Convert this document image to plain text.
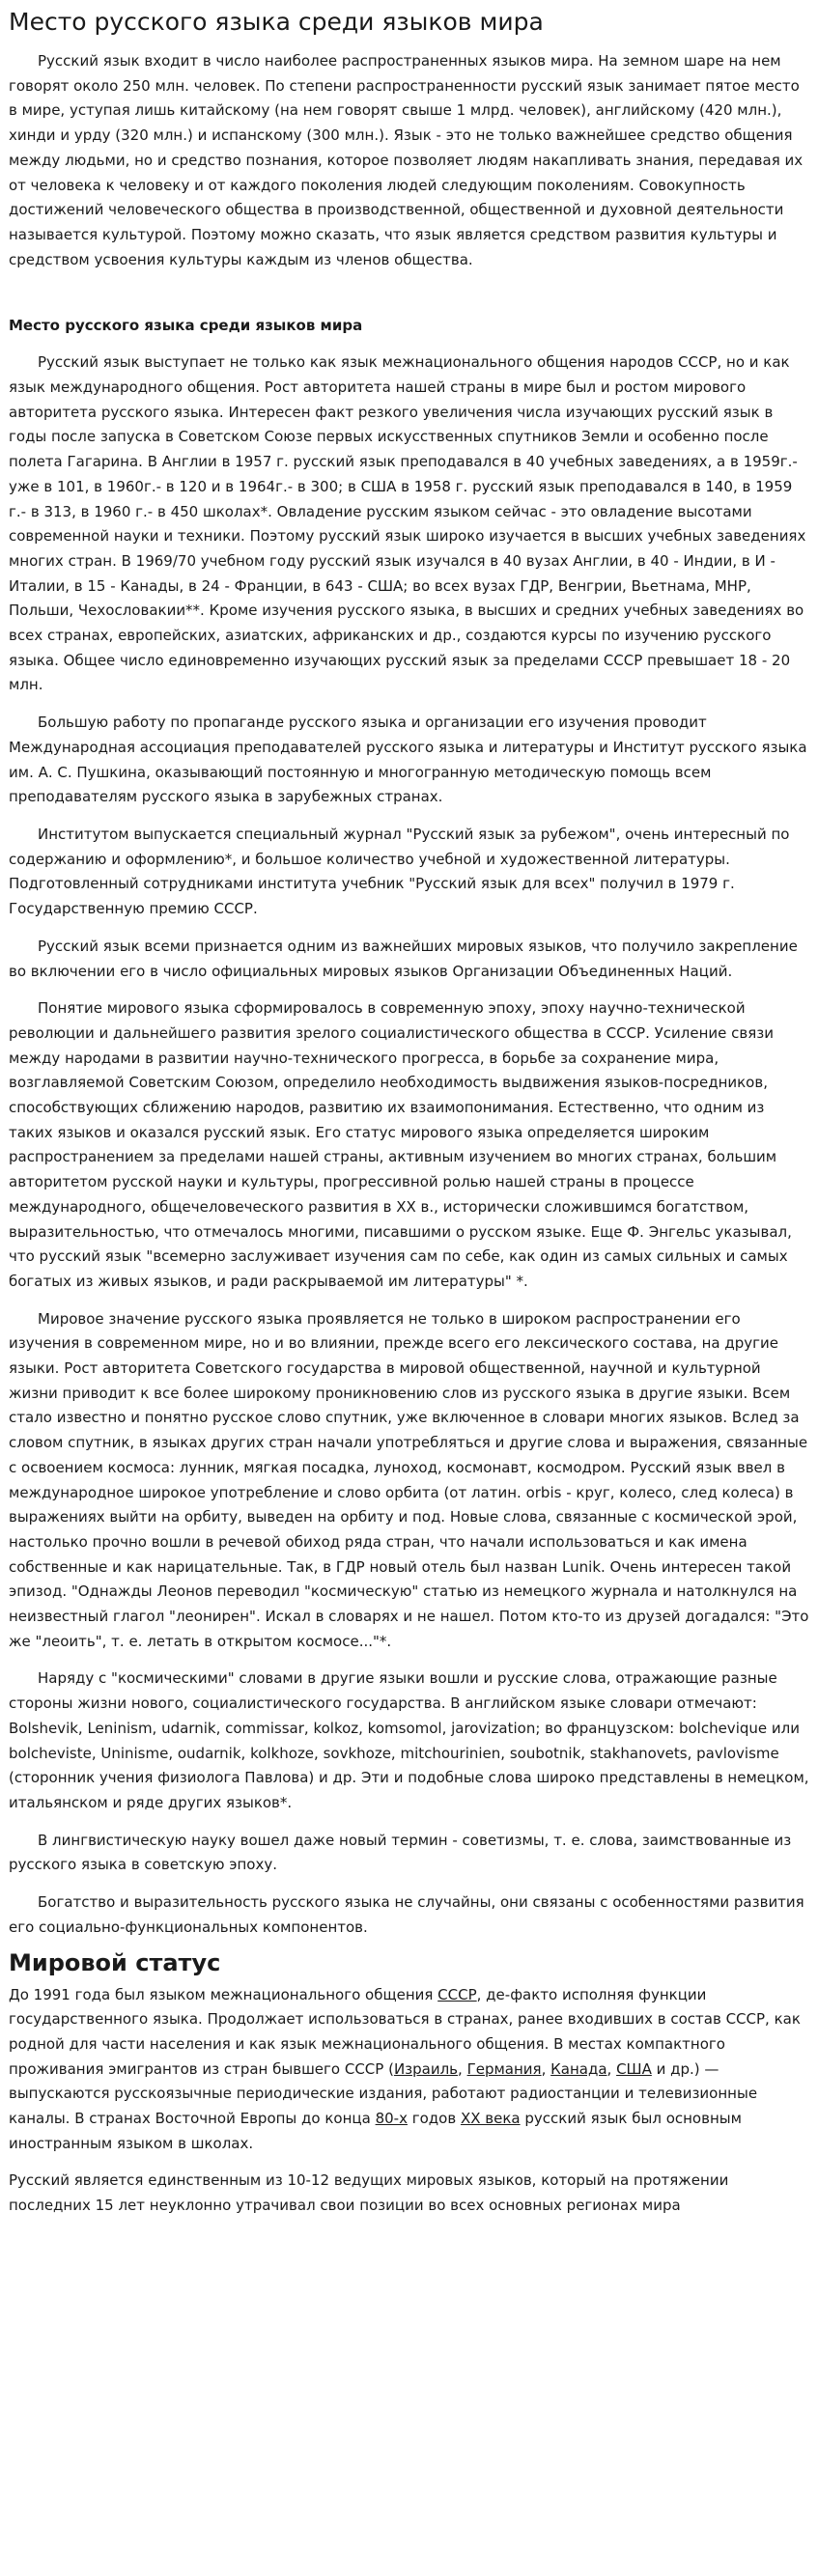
Место русского языка среди языков мира

Русский язык входит в число наиболее распространенных языков мира. На земном шаре на нем говорят около 250 млн. человек. По степени распространенности русский язык занимает пятое место в мире, уступая лишь китайскому (на нем говорят свыше 1 млрд. человек), английскому (420 млн.), хинди и урду (320 млн.) и испанскому (300 млн.). Язык - это не только важнейшее средство общения между людьми, но и средство познания, которое позволяет людям накапливать знания, передавая их от человека к человеку и от каждого поколения людей следующим поколениям. Совокупность достижений человеческого общества в производственной, общественной и духовной деятельности называется культурой. Поэтому можно сказать, что язык является средством развития культуры и средством усвоения культуры каждым из членов общества.

Место русского языка среди языков мира

Русский язык выступает не только как язык межнационального общения народов СССР, но и как язык международного общения. Рост авторитета нашей страны в мире был и ростом мирового авторитета русского языка. Интересен факт резкого увеличения числа изучающих русский язык в годы после запуска в Советском Союзе первых искусственных спутников Земли и особенно после полета Гагарина. В Англии в 1957 г. русский язык преподавался в 40 учебных заведениях, а в 1959г.- уже в 101, в 1960г.- в 120 и в 1964г.- в 300; в США в 1958 г. русский язык преподавался в 140, в 1959 г.- в 313, в 1960 г.- в 450 школах*. Овладение русским языком сейчас - это овладение высотами современной науки и техники. Поэтому русский язык широко изучается в высших учебных заведениях многих стран. В 1969/70 учебном году русский язык изучался в 40 вузах Англии, в 40 - Индии, в И - Италии, в 15 - Канады, в 24 - Франции, в 643 - США; во всех вузах ГДР, Венгрии, Вьетнама, МНР, Польши, Чехословакии**. Кроме изучения русского языка, в высших и средних учебных заведениях во всех странах, европейских, азиатских, африканских и др., создаются курсы по изучению русского языка. Общее число единовременно изучающих русский язык за пределами СССР превышает 18 - 20 млн.

Большую работу по пропаганде русского языка и организации его изучения проводит Международная ассоциация преподавателей русского языка и литературы и Институт русского языка им. А. С. Пушкина, оказывающий постоянную и многогранную методическую помощь всем преподавателям русского языка в зарубежных странах.

Институтом выпускается специальный журнал "Русский язык за рубежом", очень интересный по содержанию и оформлению*, и большое количество учебной и художественной литературы. Подготовленный сотрудниками института учебник "Русский язык для всех" получил в 1979 г. Государственную премию СССР.

Русский язык всеми признается одним из важнейших мировых языков, что получило закрепление во включении его в число официальных мировых языков Организации Объединенных Наций.

Понятие мирового языка сформировалось в современную эпоху, эпоху научно-технической революции и дальнейшего развития зрелого социалистического общества в СССР. Усиление связи между народами в развитии научно-технического прогресса, в борьбе за сохранение мира, возглавляемой Советским Союзом, определило необходимость выдвижения языков-посредников, способствующих сближению народов, развитию их взаимопонимания. Естественно, что одним из таких языков и оказался русский язык. Его статус мирового языка определяется широким распространением за пределами нашей страны, активным изучением во многих странах, большим авторитетом русской науки и культуры, прогрессивной ролью нашей страны в процессе международного, общечеловеческого развития в XX в., исторически сложившимся богатством, выразительностью, что отмечалось многими, писавшими о русском языке. Еще Ф. Энгельс указывал, что русский язык "всемерно заслуживает изучения сам по себе, как один из самых сильных и самых богатых из живых языков, и ради раскрываемой им литературы" *.

Мировое значение русского языка проявляется не только в широком распространении его изучения в современном мире, но и во влиянии, прежде всего его лексического состава, на другие языки. Рост авторитета Советского государства в мировой общественной, научной и культурной жизни приводит к все более широкому проникновению слов из русского языка в другие языки. Всем стало известно и понятно русское слово спутник, уже включенное в словари многих языков. Вслед за словом спутник, в языках других стран начали употребляться и другие слова и выражения, связанные с освоением космоса: лунник, мягкая посадка, луноход, космонавт, космодром. Русский язык ввел в международное широкое употребление и слово орбита (от латин. orbis - круг, колесо, след колеса) в выражениях выйти на орбиту, выведен на орбиту и под. Новые слова, связанные с космической эрой, настолько прочно вошли в речевой обиход ряда стран, что начали использоваться и как имена собственные и как нарицательные. Так, в ГДР новый отель был назван Lunik. Очень интересен такой эпизод. "Однажды Леонов переводил "космическую" статью из немецкого журнала и натолкнулся на неизвестный глагол "леонирен". Искал в словарях и не нашел. Потом кто-то из друзей догадался: "Это же "леоить", т. е. летать в открытом космосе..."*.

Наряду с "космическими" словами в другие языки вошли и русские слова, отражающие разные стороны жизни нового, социалистического государства. В английском языке словари отмечают: Bolshevik, Leninism, udarnik, commissar, kolkoz, komsomol, jarovization; во французском: bolchevique или bolcheviste, Uninisme, oudarnik, kolkhoze, sovkhoze, mitchourinien, soubotnik, stakhanovets, pavlovisme (сторонник учения физиолога Павлова) и др. Эти и подобные слова широко представлены в немецком, итальянском и ряде других языков*.

В лингвистическую науку вошел даже новый термин - советизмы, т. е. слова, заимствованные из русского языка в советскую эпоху.

Богатство и выразительность русского языка не случайны, они связаны с особенностями развития его социально-функциональных компонентов.

Мировой статус

До 1991 года был языком межнационального общения СССР, де-факто исполняя функции государственного языка. Продолжает использоваться в странах, ранее входивших в состав СССР, как родной для части населения и как язык межнационального общения. В местах компактного проживания эмигрантов из стран бывшего СССР (Израиль, Германия, Канада, США и др.) — выпускаются русскоязычные периодические издания, работают радиостанции и телевизионные каналы. В странах Восточной Европы до конца 80-х годов XX века русский язык был основным иностранным языком в школах.

Русский является единственным из 10-12 ведущих мировых языков, который на протяжении последних 15 лет неуклонно утрачивал свои позиции во всех основных регионах мира
